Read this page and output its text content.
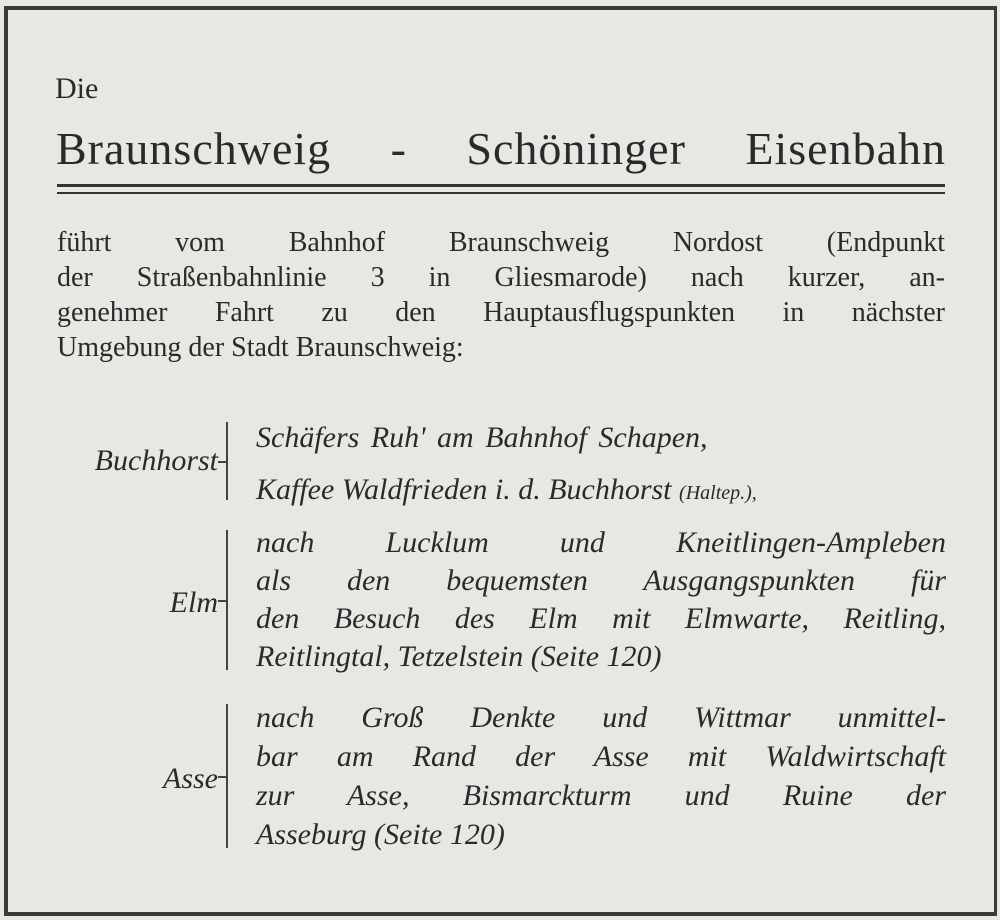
Die
Braunschweig - Schöninger Eisenbahn
führt vom Bahnhof Braunschweig Nordost (Endpunkt
der Straßenbahnlinie 3 in Gliesmarode) nach kurzer, an-
genehmer Fahrt zu den Hauptausflugspunkten in nächster
Umgebung der Stadt Braunschweig:
Buchhorst
Schäfers Ruh' am Bahnhof Schapen,
Kaffee Waldfrieden i. d. Buchhorst (Haltep.),
Elm
nach Lucklum und Kneitlingen-Ampleben
als den bequemsten Ausgangspunkten für
den Besuch des Elm mit Elmwarte, Reitling,
Reitlingtal, Tetzelstein (Seite 120)
Asse
nach Groß Denkte und Wittmar unmittel-
bar am Rand der Asse mit Waldwirtschaft
zur Asse, Bismarckturm und Ruine der
Asseburg (Seite 120)
